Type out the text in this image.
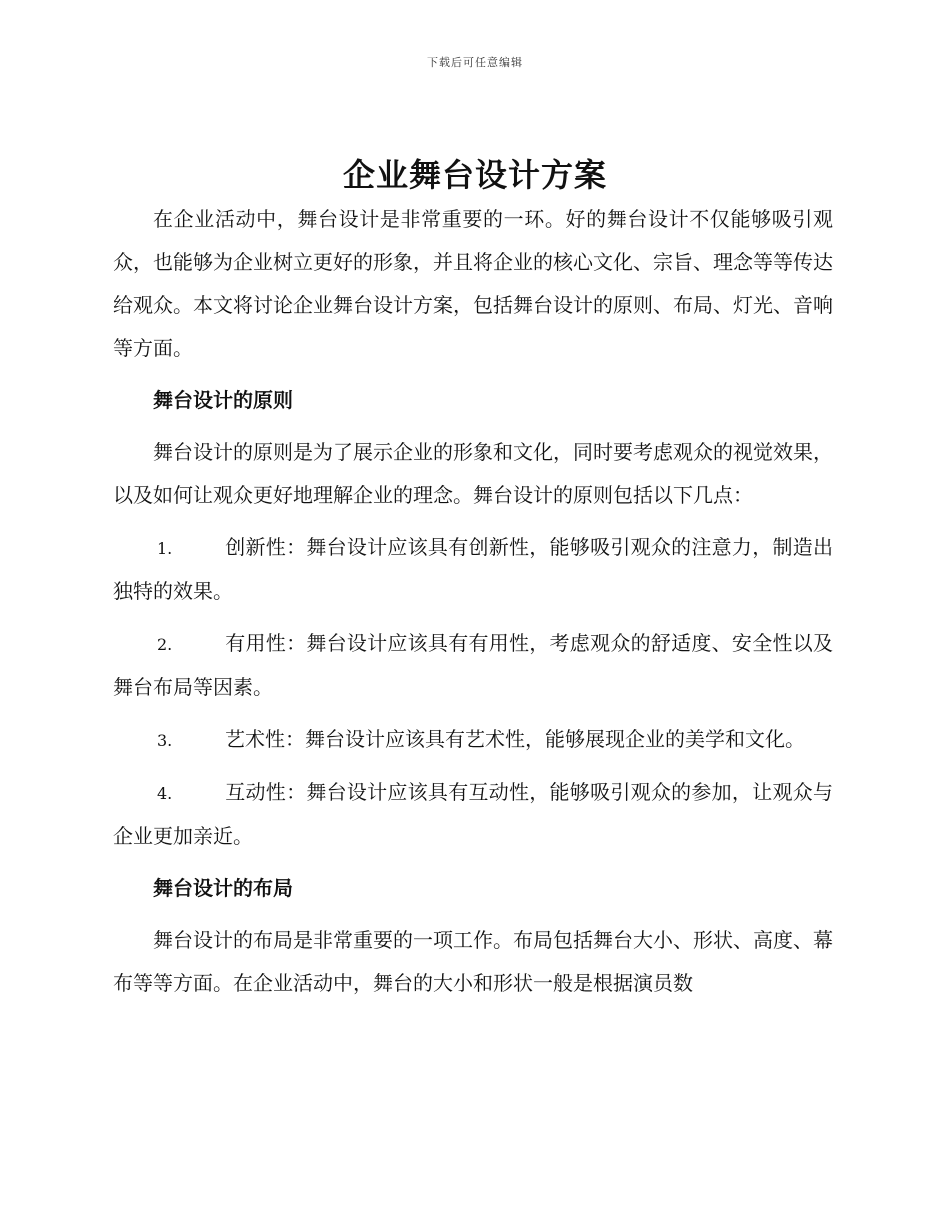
下载后可任意编辑
企业舞台设计方案

在企业活动中，舞台设计是非常重要的一环。好的舞台设计不仅能够吸引观众，也能够为企业树立更好的形象，并且将企业的核心文化、宗旨、理念等等传达给观众。本文将讨论企业舞台设计方案，包括舞台设计的原则、布局、灯光、音响等方面。

舞台设计的原则

舞台设计的原则是为了展示企业的形象和文化，同时要考虑观众的视觉效果，以及如何让观众更好地理解企业的理念。舞台设计的原则包括以下几点：

1.	创新性：舞台设计应该具有创新性，能够吸引观众的注意力，制造出独特的效果。

2.	有用性：舞台设计应该具有有用性，考虑观众的舒适度、安全性以及舞台布局等因素。

3.	艺术性：舞台设计应该具有艺术性，能够展现企业的美学和文化。

4.	互动性：舞台设计应该具有互动性，能够吸引观众的参加，让观众与企业更加亲近。

舞台设计的布局

舞台设计的布局是非常重要的一项工作。布局包括舞台大小、形状、高度、幕布等等方面。在企业活动中，舞台的大小和形状一般是根据演员数
